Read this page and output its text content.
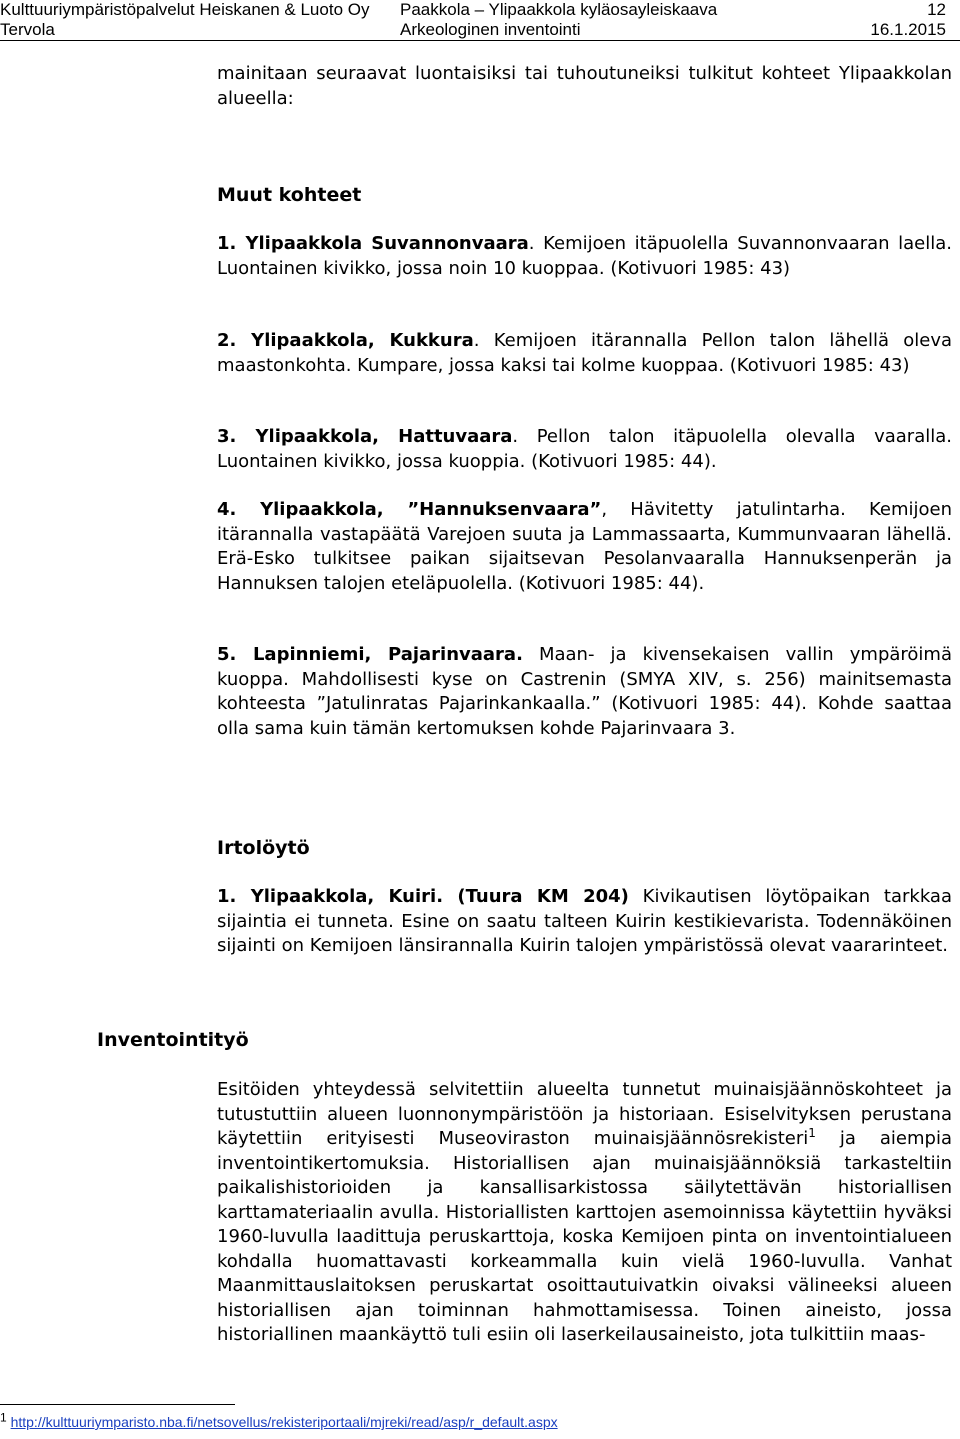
Kulttuuriympäristöpalvelut Heiskanen & Luoto Oy
Tervola
Paakkola – Ylipaakkola kyläosayleiskaava
Arkeologinen inventointi
12
16.1.2015

mainitaan seuraavat luontaisiksi tai tuhoutuneiksi tulkitut kohteet Ylipaakkolan alueella:

Muut kohteet

1. Ylipaakkola Suvannonvaara. Kemijoen itäpuolella Suvannonvaaran laella. Luontainen kivikko, jossa noin 10 kuoppaa. (Kotivuori 1985: 43)

2. Ylipaakkola, Kukkura. Kemijoen itärannalla Pellon talon lähellä oleva maastonkohta. Kumpare, jossa kaksi tai kolme kuoppaa. (Kotivuori 1985: 43)

3. Ylipaakkola, Hattuvaara. Pellon talon itäpuolella olevalla vaaralla. Luontainen kivikko, jossa kuoppia. (Kotivuori 1985: 44).

4. Ylipaakkola, ”Hannuksenvaara”, Hävitetty jatulintarha. Kemijoen itärannalla vastapäätä Varejoen suuta ja Lammassaarta, Kummunvaaran lähellä. Erä-Esko tulkitsee paikan sijaitsevan Pesolanvaaralla Hannuksenperän ja Hannuksen talojen eteläpuolella. (Kotivuori 1985: 44).

5. Lapinniemi, Pajarinvaara. Maan- ja kivensekaisen vallin ympäröimä kuoppa. Mahdollisesti kyse on Castrenin (SMYA XIV, s. 256) mainitsemasta kohteesta ”Jatulinratas Pajarinkankaalla.” (Kotivuori 1985: 44). Kohde saattaa olla sama kuin tämän kertomuksen kohde Pajarinvaara 3.

Irtolöytö

1. Ylipaakkola, Kuiri. (Tuura KM 204) Kivikautisen löytöpaikan tarkkaa sijaintia ei tunneta. Esine on saatu talteen Kuirin kestikievarista. Todennäköinen sijainti on Kemijoen länsirannalla Kuirin talojen ympäristössä olevat vaararinteet.

Inventointityö

Esitöiden yhteydessä selvitettiin alueelta tunnetut muinaisjäännöskohteet ja tutustuttiin alueen luonnonympäristöön ja historiaan. Esiselvityksen perustana käytettiin erityisesti Museoviraston muinaisjäännösrekisteri$^1$ ja aiempia inventointikertomuksia. Historiallisen ajan muinaisjäännöksiä tarkasteltiin paikalishistorioiden ja kansallisarkistossa säilytettävän historiallisen karttamateriaalin avulla. Historiallisten karttojen asemoinnissa käytettiin hyväksi 1960-luvulla laadittuja peruskarttoja, koska Kemijoen pinta on inventointialueen kohdalla huomattavasti korkeammalla kuin vielä 1960-luvulla. Vanhat Maanmittauslaitoksen peruskartat osoittautuivatkin oivaksi välineeksi alueen historiallisen ajan toiminnan hahmottamisessa. Toinen aineisto, jossa historiallinen maankäyttö tuli esiin oli laserkeilausaineisto, jota tulkittiin maas-

$^1$ http://kulttuuriymparisto.nba.fi/netsovellus/rekisteriportaali/mjreki/read/asp/r_default.aspx
